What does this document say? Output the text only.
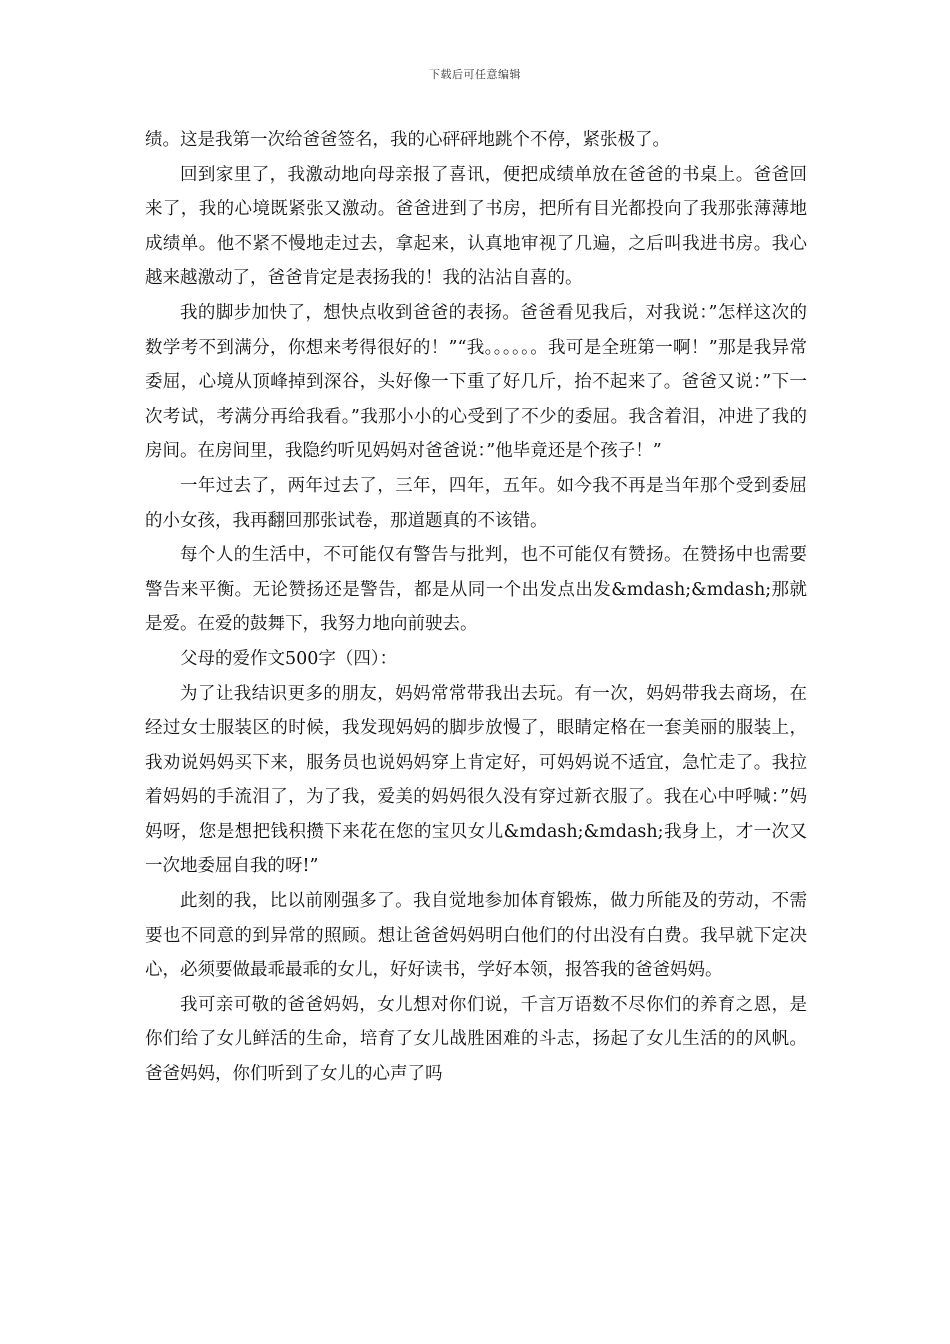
下载后可任意编辑

绩。这是我第一次给爸爸签名，我的心砰砰地跳个不停，紧张极了。

回到家里了，我激动地向母亲报了喜讯，便把成绩单放在爸爸的书桌上。爸爸回来了，我的心境既紧张又激动。爸爸进到了书房，把所有目光都投向了我那张薄薄地成绩单。他不紧不慢地走过去，拿起来，认真地审视了几遍，之后叫我进书房。我心越来越激动了，爸爸肯定是表扬我的！我的沾沾自喜的。

我的脚步加快了，想快点收到爸爸的表扬。爸爸看见我后，对我说：”怎样这次的数学考不到满分，你想来考得很好的！”“我。。。。。。我可是全班第一啊！”那是我异常委屈，心境从顶峰掉到深谷，头好像一下重了好几斤，抬不起来了。爸爸又说：”下一次考试，考满分再给我看。”我那小小的心受到了不少的委屈。我含着泪，冲进了我的房间。在房间里，我隐约听见妈妈对爸爸说：”他毕竟还是个孩子！”

一年过去了，两年过去了，三年，四年，五年。如今我不再是当年那个受到委屈的小女孩，我再翻回那张试卷，那道题真的不该错。

每个人的生活中，不可能仅有警告与批判，也不可能仅有赞扬。在赞扬中也需要警告来平衡。无论赞扬还是警告，都是从同一个出发点出发&mdash;&mdash;那就是爱。在爱的鼓舞下，我努力地向前驶去。

父母的爱作文500字（四）：

为了让我结识更多的朋友，妈妈常常带我出去玩。有一次，妈妈带我去商场，在经过女士服装区的时候，我发现妈妈的脚步放慢了，眼睛定格在一套美丽的服装上，我劝说妈妈买下来，服务员也说妈妈穿上肯定好，可妈妈说不适宜，急忙走了。我拉着妈妈的手流泪了，为了我，爱美的妈妈很久没有穿过新衣服了。我在心中呼喊：”妈妈呀，您是想把钱积攒下来花在您的宝贝女儿&mdash;&mdash;我身上，才一次又一次地委屈自我的呀!”

此刻的我，比以前刚强多了。我自觉地参加体育锻炼，做力所能及的劳动，不需要也不同意的到异常的照顾。想让爸爸妈妈明白他们的付出没有白费。我早就下定决心，必须要做最乖最乖的女儿，好好读书，学好本领，报答我的爸爸妈妈。

我可亲可敬的爸爸妈妈，女儿想对你们说，千言万语数不尽你们的养育之恩，是你们给了女儿鲜活的生命，培育了女儿战胜困难的斗志，扬起了女儿生活的的风帆。爸爸妈妈，你们听到了女儿的心声了吗
